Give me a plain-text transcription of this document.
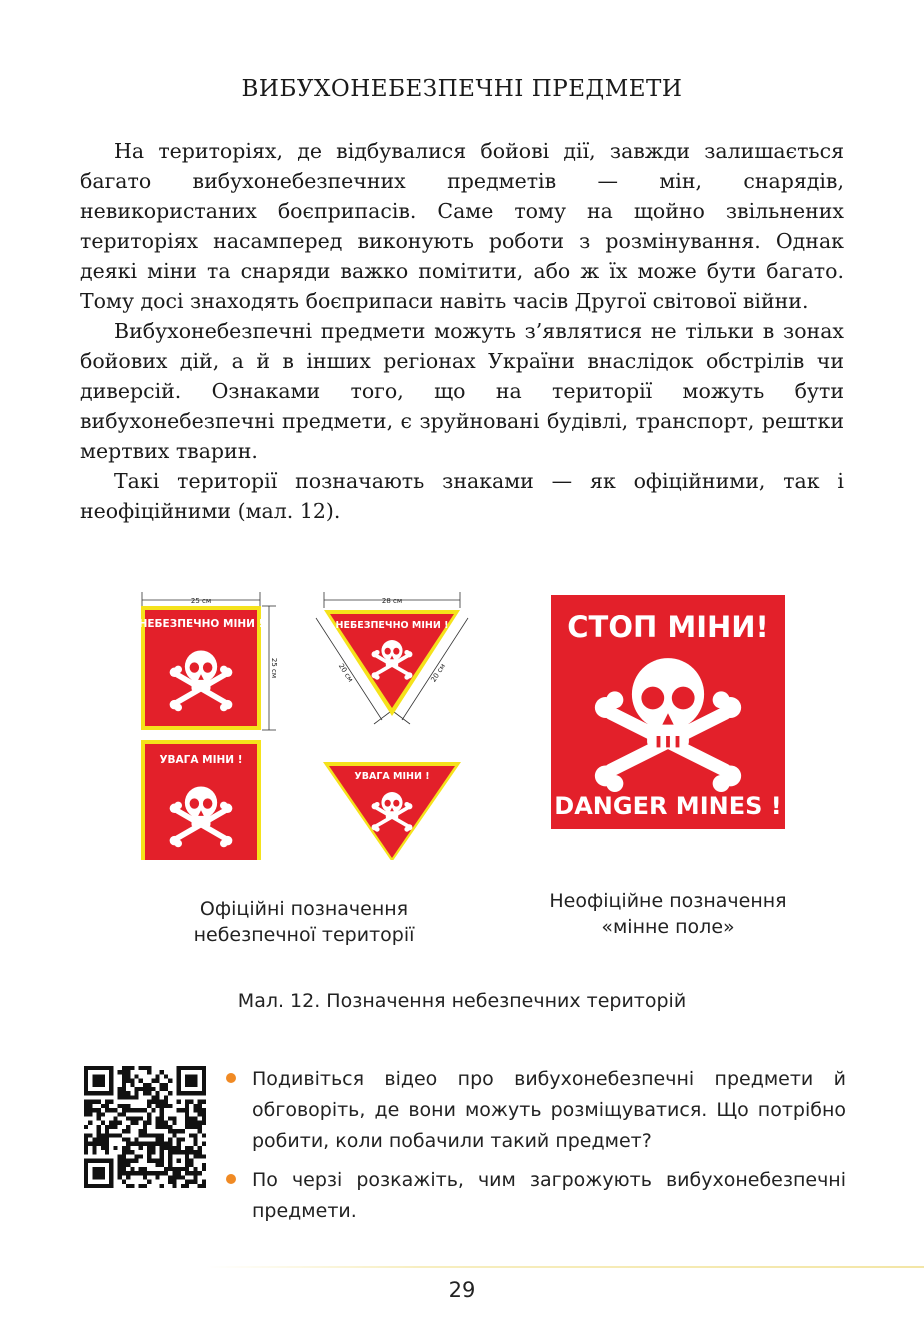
ВИБУХОНЕБЕЗПЕЧНІ ПРЕДМЕТИ

На територіях, де відбувалися бойові дії, завжди залишається багато вибухонебезпечних предметів — мін, снарядів, невикористаних боєприпасів. Саме тому на щойно звільнених територіях насамперед виконують роботи з розмінування. Однак деякі міни та снаряди важко помітити, або ж їх може бути багато. Тому досі знаходять боєприпаси навіть часів Другої світової війни.

Вибухонебезпечні предмети можуть з’являтися не тільки в зонах бойових дій, а й в інших регіонах України внаслідок обстрілів чи диверсій. Ознаками того, що на території можуть бути вибухонебезпечні предмети, є зруйновані будівлі, транспорт, рештки мертвих тварин.

Такі території позначають знаками — як офіційними, так і неофіційними (мал. 12).

25 см
25 см
НЕБЕЗПЕЧНО МІНИ !
УВАГА МІНИ !
28 см
20 см	20 см
НЕБЕЗПЕЧНО МІНИ !
УВАГА МІНИ !
СТОП МІНИ!
DANGER MINES !
Офіційні позначення
небезпечної території
Неофіційне позначення
«мінне поле»
Мал. 12. Позначення небезпечних територій
Подивіться відео про вибухонебезпечні предмети й обговоріть, де вони можуть розміщуватися. Що потрібно робити, коли побачили такий предмет?
По черзі розкажіть, чим загрожують вибухонебезпечні предмети.
29
